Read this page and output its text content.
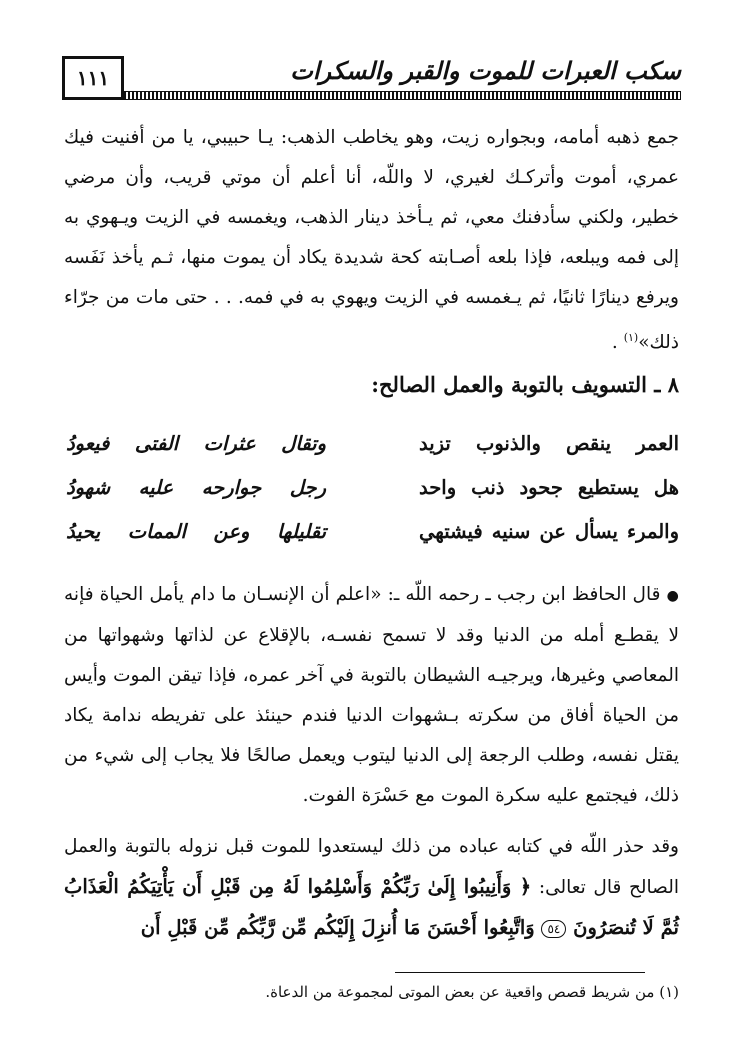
١١١	سكب العبرات للموت والقبر والسكرات
جمع ذهبه أمامه، وبجواره زيت، وهو يخاطب الذهب: يـا حبيبي، يا من أفنيت فيك عمري، أموت وأتركـك لغيري، لا واللّه، أنا أعلم أن موتي قريب، وأن مرضي خطير، ولكني سأدفنك معي، ثم يـأخذ دينار الذهب، ويغمسه في الزيت ويـهوي به إلى فمه ويبلعه، فإذا بلعه أصـابته كحة شديدة يكاد أن يموت منها، ثـم يأخذ نَفَسه ويرفع دينارًا ثانيًا، ثم يـغمسه في الزيت ويهوي به في فمه. . . حتى مات من جرّاء ذلك»$^{(١)}$ .
٨ ـ التسويف بالتوبة والعمل الصالح:
العمر ينقص والذنوب تزيد
وتقال عثرات الفتى فيعودُ
هل يستطيع جحود ذنب واحد
رجل جوارحه عليه شهودُ
والمرء يسأل عن سنيه فيشتهي
تقليلها وعن الممات يحيدُ
● قال الحافظ ابن رجب ـ رحمه اللّه ـ: «اعلم أن الإنسـان ما دام يأمل الحياة فإنه لا يقطـع أمله من الدنيا وقد لا تسمح نفسـه، بالإقلاع عن لذاتها وشهواتها من المعاصي وغيرها، ويرجيـه الشيطان بالتوبة في آخر عمره، فإذا تيقن الموت وأيس من الحياة أفاق من سكرته بـشهوات الدنيا فندم حينئذ على تفريطه ندامة يكاد يقتل نفسه، وطلب الرجعة إلى الدنيا ليتوب ويعمل صالحًا فلا يجاب إلى شيء من ذلك، فيجتمع عليه سكرة الموت مع حَسْرَة الفوت.
وقد حذر اللّه في كتابه عباده من ذلك ليستعدوا للموت قبل نزوله بالتوبة والعمل الصالح قال تعالى: ﴿ وَأَنِيبُوا إِلَىٰ رَبِّكُمْ وَأَسْلِمُوا لَهُ مِن قَبْلِ أَن يَأْتِيَكُمُ الْعَذَابُ ثُمَّ لَا تُنصَرُونَ ٥٤ وَاتَّبِعُوا أَحْسَنَ مَا أُنزِلَ إِلَيْكُم مِّن رَّبِّكُم مِّن قَبْلِ أَن
(١) من شريط قصص واقعية عن بعض الموتى لمجموعة من الدعاة.
